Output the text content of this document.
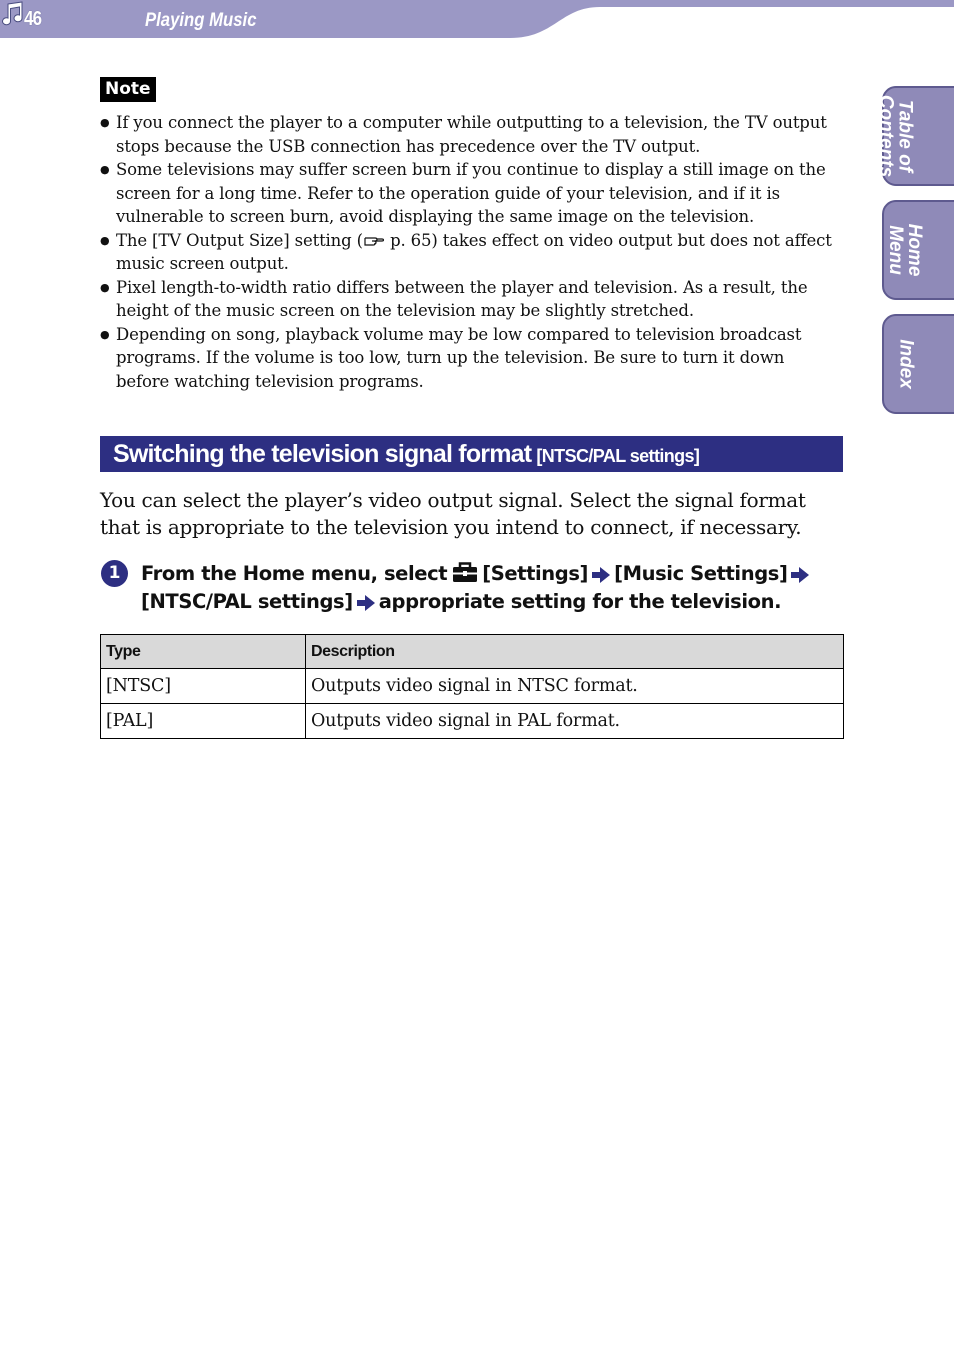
46	Playing Music
Table of
Contents
Home
Menu
Index
Note
● If you connect the player to a computer while outputting to a television, the TV output stops because the USB connection has precedence over the TV output.
● Some televisions may suffer screen burn if you continue to display a still image on the screen for a long time. Refer to the operation guide of your television, and if it is vulnerable to screen burn, avoid displaying the same image on the television.
● The [TV Output Size] setting ( p. 65) takes effect on video output but does not affect music screen output.
● Pixel length-to-width ratio differs between the player and television. As a result, the height of the music screen on the television may be slightly stretched.
● Depending on song, playback volume may be low compared to television broadcast programs. If the volume is too low, turn up the television. Be sure to turn it down before watching television programs.
Switching the television signal format [NTSC/PAL settings]

You can select the player’s video output signal. Select the signal format that is appropriate to the television you intend to connect, if necessary.

1	From the Home menu, select [Settings] [Music Settings]
[NTSC/PAL settings] appropriate setting for the television.
Type	Description
[NTSC]	Outputs video signal in NTSC format.
[PAL]	Outputs video signal in PAL format.
